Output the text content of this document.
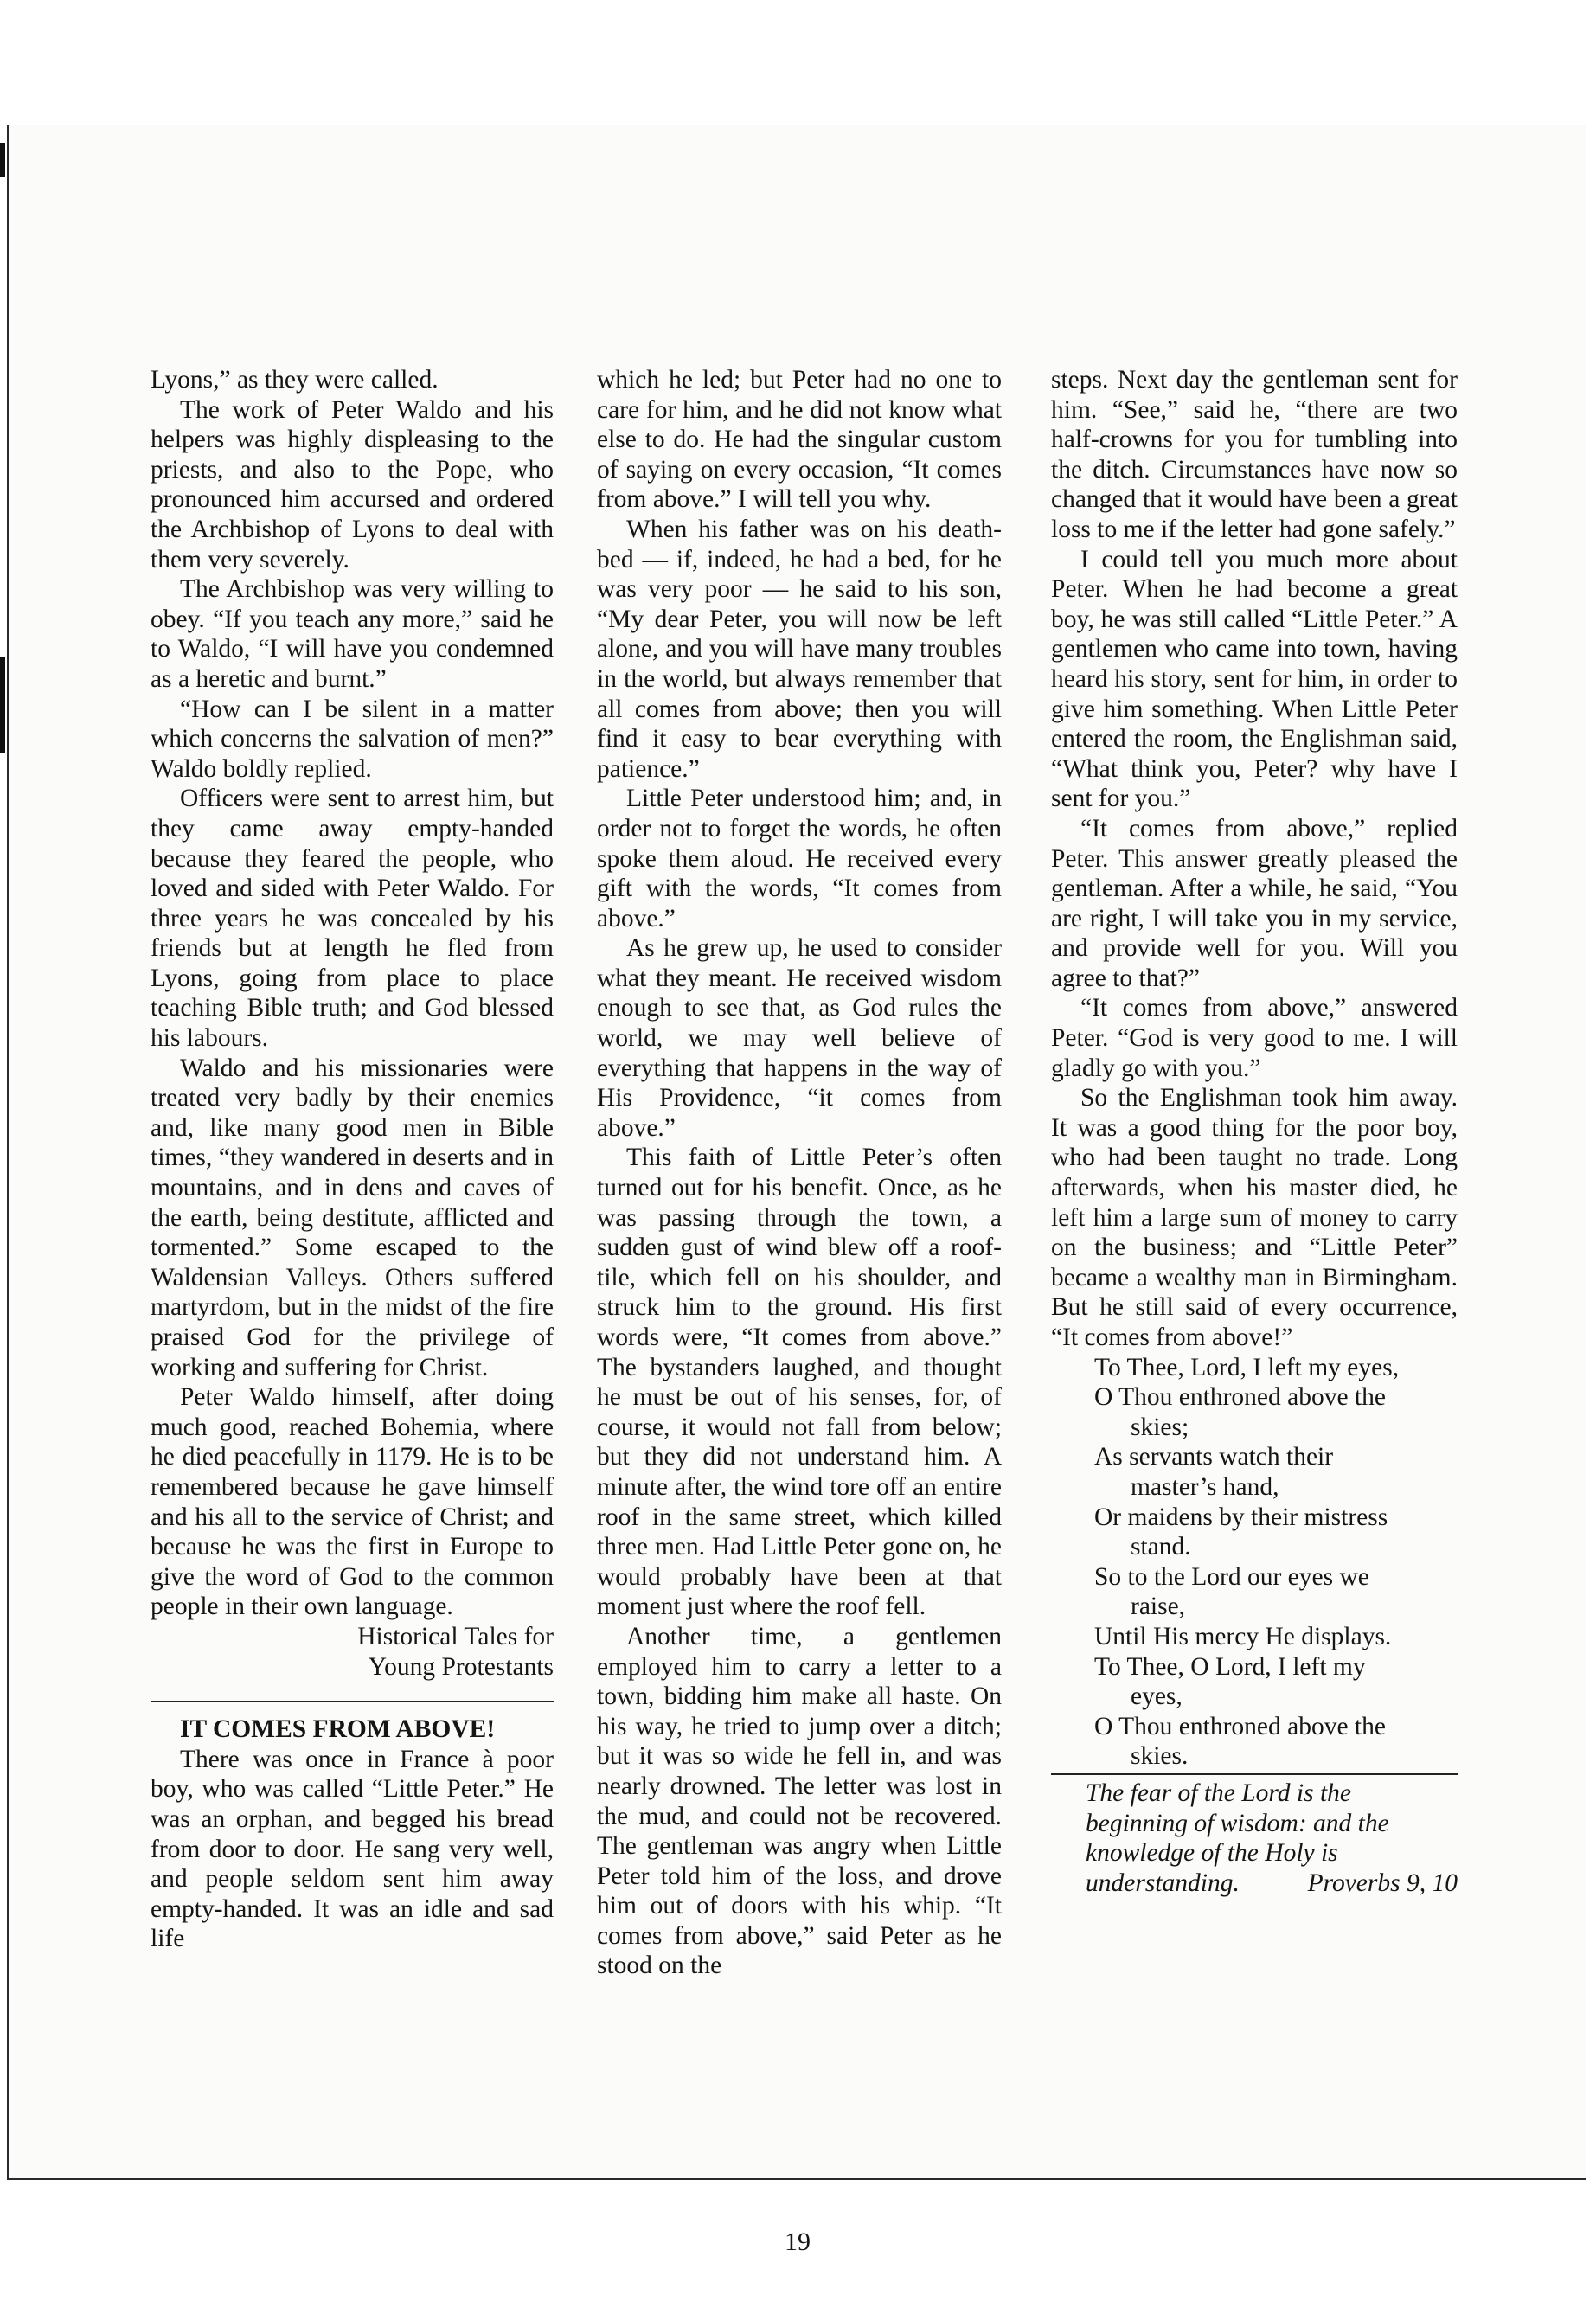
Lyons,” as they were called.

The work of Peter Waldo and his helpers was highly displeasing to the priests, and also to the Pope, who pronounced him accursed and ordered the Archbishop of Lyons to deal with them very severely.

The Archbishop was very willing to obey. “If you teach any more,” said he to Waldo, “I will have you condemned as a heretic and burnt.”

“How can I be silent in a matter which concerns the salvation of men?” Waldo boldly replied.

Officers were sent to arrest him, but they came away empty-handed because they feared the people, who loved and sided with Peter Waldo. For three years he was concealed by his friends but at length he fled from Lyons, going from place to place teaching Bible truth; and God blessed his labours.

Waldo and his missionaries were treated very badly by their enemies and, like many good men in Bible times, “they wandered in deserts and in mountains, and in dens and caves of the earth, being destitute, afflicted and tormented.” Some escaped to the Waldensian Valleys. Others suffered martyrdom, but in the midst of the fire praised God for the privilege of working and suffering for Christ.

Peter Waldo himself, after doing much good, reached Bohemia, where he died peacefully in 1179. He is to be remembered because he gave himself and his all to the service of Christ; and because he was the first in Europe to give the word of God to the common people in their own language.

Historical Tales for

Young Protestants

IT COMES FROM ABOVE!

There was once in France à poor boy, who was called “Little Peter.” He was an orphan, and begged his bread from door to door. He sang very well, and people seldom sent him away empty-handed. It was an idle and sad life

which he led; but Peter had no one to care for him, and he did not know what else to do. He had the singular custom of saying on every occasion, “It comes from above.” I will tell you why.

When his father was on his death-bed — if, indeed, he had a bed, for he was very poor — he said to his son, “My dear Peter, you will now be left alone, and you will have many troubles in the world, but always remember that all comes from above; then you will find it easy to bear everything with patience.”

Little Peter understood him; and, in order not to forget the words, he often spoke them aloud. He received every gift with the words, “It comes from above.”

As he grew up, he used to consider what they meant. He received wisdom enough to see that, as God rules the world, we may well believe of everything that happens in the way of His Providence, “it comes from above.”

This faith of Little Peter’s often turned out for his benefit. Once, as he was passing through the town, a sudden gust of wind blew off a roof-tile, which fell on his shoulder, and struck him to the ground. His first words were, “It comes from above.” The bystanders laughed, and thought he must be out of his senses, for, of course, it would not fall from below; but they did not understand him. A minute after, the wind tore off an entire roof in the same street, which killed three men. Had Little Peter gone on, he would probably have been at that moment just where the roof fell.

Another time, a gentlemen employed him to carry a letter to a town, bidding him make all haste. On his way, he tried to jump over a ditch; but it was so wide he fell in, and was nearly drowned. The letter was lost in the mud, and could not be recovered. The gentleman was angry when Little Peter told him of the loss, and drove him out of doors with his whip. “It comes from above,” said Peter as he stood on the

steps. Next day the gentleman sent for him. “See,” said he, “there are two half-crowns for you for tumbling into the ditch. Circumstances have now so changed that it would have been a great loss to me if the letter had gone safely.”

I could tell you much more about Peter. When he had become a great boy, he was still called “Little Peter.” A gentlemen who came into town, having heard his story, sent for him, in order to give him something. When Little Peter entered the room, the Englishman said, “What think you, Peter? why have I sent for you.”

“It comes from above,” replied Peter. This answer greatly pleased the gentleman. After a while, he said, “You are right, I will take you in my service, and provide well for you. Will you agree to that?”

“It comes from above,” answered Peter. “God is very good to me. I will gladly go with you.”

So the Englishman took him away. It was a good thing for the poor boy, who had been taught no trade. Long afterwards, when his master died, he left him a large sum of money to carry on the business; and “Little Peter” became a wealthy man in Birmingham. But he still said of every occurrence, “It comes from above!”

To Thee, Lord, I left my eyes,
O Thou enthroned above the
skies;
As servants watch their
master’s hand,
Or maidens by their mistress
stand.
So to the Lord our eyes we
raise,
Until His mercy He displays.
To Thee, O Lord, I left my
eyes,
O Thou enthroned above the
skies.

The fear of the Lord is the beginning of wisdom: and the knowledge of the Holy is understanding.	Proverbs 9, 10

19
